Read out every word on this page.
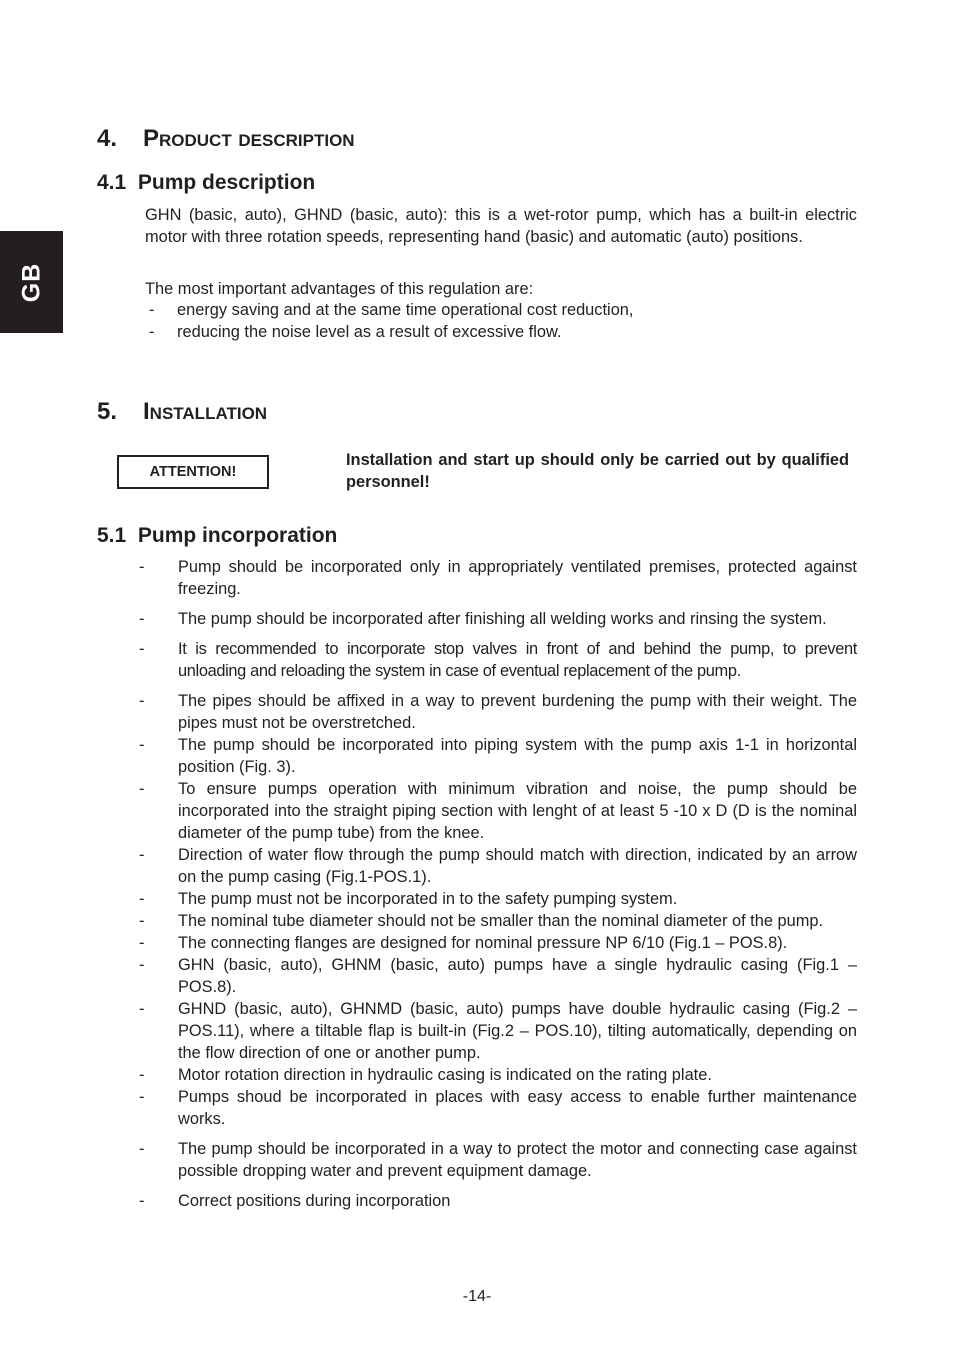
GB
4. Product description
4.1 Pump description

GHN (basic, auto), GHND (basic, auto): this is a wet-rotor pump, which has a built-in electric motor with three rotation speeds, representing hand (basic) and automatic (auto) positions.

The most important advantages of this regulation are:

- energy saving and at the same time operational cost reduction,
- reducing the noise level as a result of excessive flow.
5. Installation
ATTENTION!

Installation and start up should only be carried out by qualified personnel!

5.1 Pump incorporation
- Pump should be incorporated only in appropriately ventilated premises, protected against freezing.
- The pump should be incorporated after finishing all welding works and rinsing the system.
- It is recommended to incorporate stop valves in front of and behind the pump, to prevent unloading and reloading the system in case of eventual replacement of the pump.
- The pipes should be affixed in a way to prevent burdening the pump with their weight. The pipes must not be overstretched.
- The pump should be incorporated into piping system with the pump axis 1-1 in horizontal position (Fig. 3).
- To ensure pumps operation with minimum vibration and noise, the pump should be incorporated into the straight piping section with lenght of at least 5 -10 x D (D is the nominal diameter of the pump tube) from the knee.
- Direction of water flow through the pump should match with direction, indicated by an arrow on the pump casing (Fig.1-POS.1).
- The pump must not be incorporated in to the safety pumping system.
- The nominal tube diameter should not be smaller than the nominal diameter of the pump.
- The connecting flanges are designed for nominal pressure NP 6/10 (Fig.1 – POS.8).
- GHN (basic, auto), GHNM (basic, auto) pumps have a single hydraulic casing (Fig.1 – POS.8).
- GHND (basic, auto), GHNMD (basic, auto) pumps have double hydraulic casing (Fig.2 – POS.11), where a tiltable flap is built-in (Fig.2 – POS.10), tilting automatically, depending on the flow direction of one or another pump.
- Motor rotation direction in hydraulic casing is indicated on the rating plate.
- Pumps shoud be incorporated in places with easy access to enable further maintenance works.
- The pump should be incorporated in a way to protect the motor and connecting case against possible dropping water and prevent equipment damage.
- Correct positions during incorporation
-14-
